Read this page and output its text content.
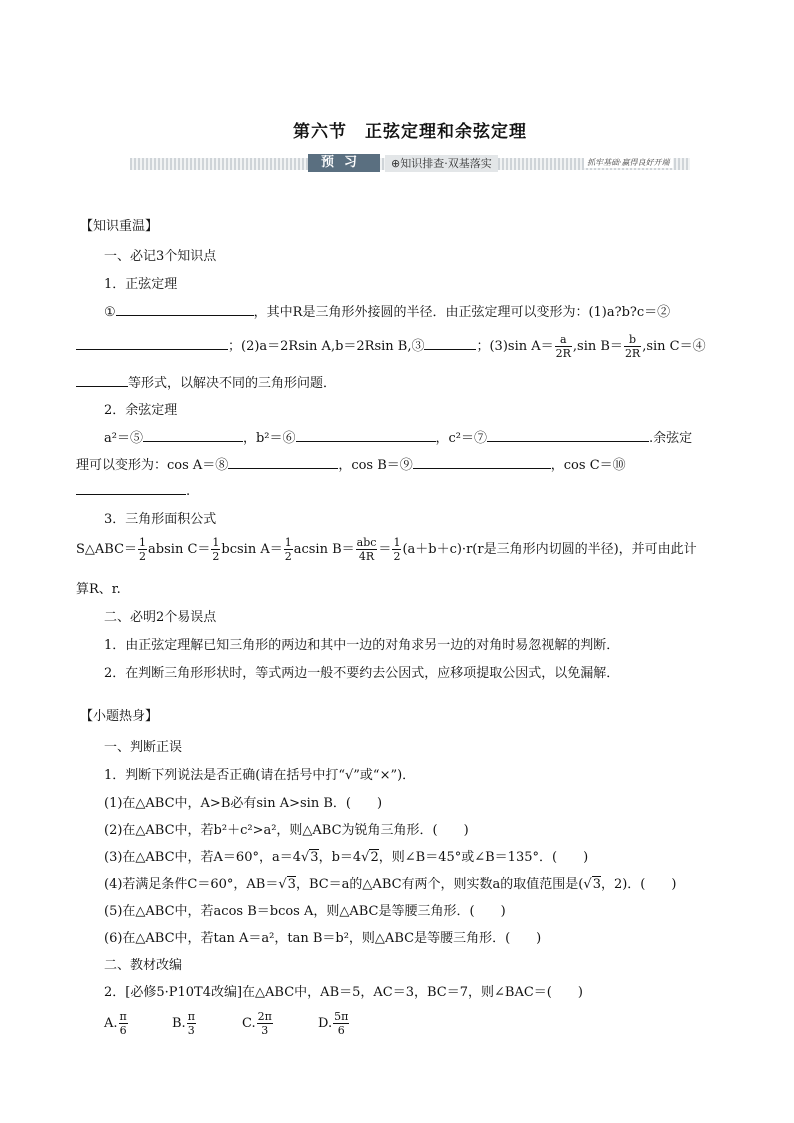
第六节　正弦定理和余弦定理
预习	⊕知识排查·双基落实	抓牢基础·赢得良好开端
【知识重温】
一、必记3个知识点
1．正弦定理
①	，其中R是三角形外接圆的半径．由正弦定理可以变形为：(1)a?b?c＝②
；(2)a＝2Rsin A,b＝2Rsin B,③	；(3)sin $A= \frac{a}{2R} ,\sin$ $B= \frac{b}{2R} ,\sin$ C＝④
等形式，以解决不同的三角形问题．
2．余弦定理
a²＝⑤	，b²＝⑥	，c²＝⑦	.余弦定
理可以变形为：cos A＝⑧	，cos B＝⑨	，cos C＝⑩
.
3．三角形面积公式
S△ABC＝ $\frac{1}{2}$ absin $C= \frac{1}{2}$ bcsin $A= \frac{1}{2}$ acsin $B= \frac{\text{abc}}{4R} = \frac{1}{2} (a+b+c)\cdot r(r$是三角形内切圆的半径)，并可由此计
算R、r.
二、必明2个易误点
1．由正弦定理解已知三角形的两边和其中一边的对角求另一边的对角时易忽视解的判断．
2．在判断三角形形状时，等式两边一般不要约去公因式，应移项提取公因式，以免漏解．
【小题热身】
一、判断正误
1．判断下列说法是否正确(请在括号中打“√”或“×”)．
(1)在△ABC中，A>B必有sin A>sin B．(　　)
(2)在△ABC中，若b²＋c²>a²，则△ABC为锐角三角形．(　　)
(3)在△ABC中，若A＝60°，a＝4√3，b＝4√2，则∠B＝45°或∠B＝135°．(　　)
(4)若满足条件C＝60°，AB＝√3，BC＝a的△ABC有两个，则实数a的取值范围是(√3，2)．(　　)
(5)在△ABC中，若acos B＝bcos A，则△ABC是等腰三角形．(　　)
(6)在△ABC中，若tan A＝a²，tan B＝b²，则△ABC是等腰三角形．(　　)
二、教材改编
2．[必修5·P10T4改编]在△ABC中，AB＝5，AC＝3，BC＝7，则∠BAC＝(　　)
A. $\frac{\pi}{6}$	B. $\frac{\pi}{3}$	C. $\frac{2\pi}{3}$	D. $\frac{5\pi}{6}$
